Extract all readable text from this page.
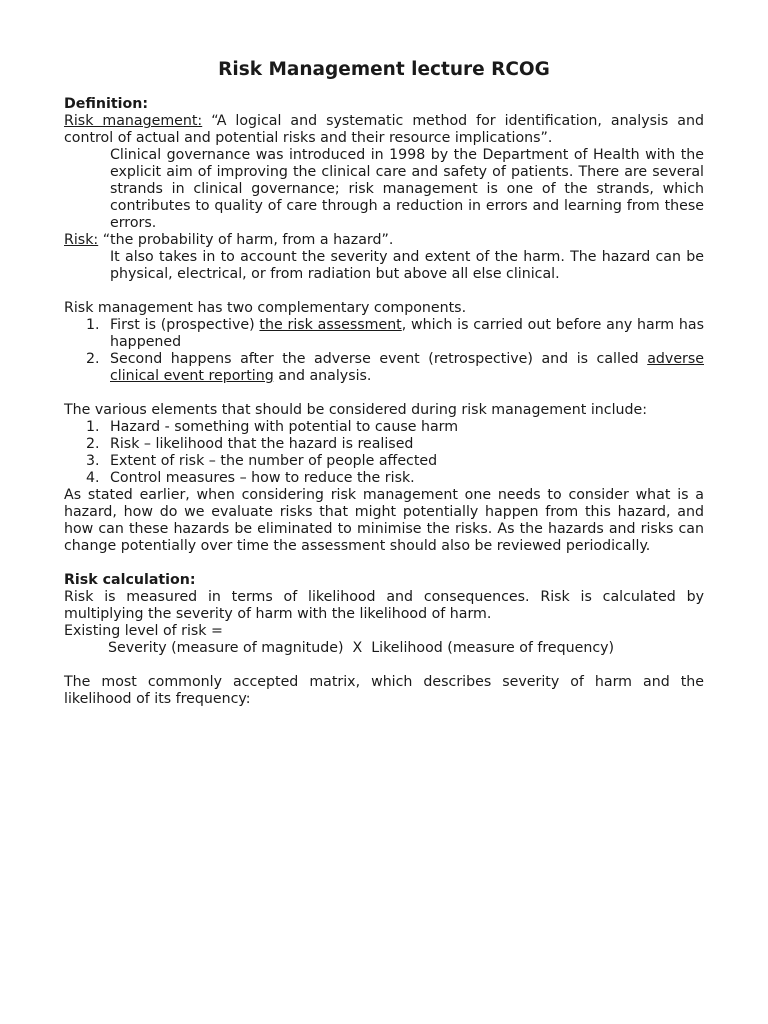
Risk Management lecture RCOG

Definition:

Risk management: “A logical and systematic method for identification, analysis and control of actual and potential risks and their resource implications”.

Clinical governance was introduced in 1998 by the Department of Health with the explicit aim of improving the clinical care and safety of patients. There are several strands in clinical governance; risk management is one of the strands, which contributes to quality of care through a reduction in errors and learning from these errors.

Risk: “the probability of harm, from a hazard”.

It also takes in to account the severity and extent of the harm. The hazard can be physical, electrical, or from radiation but above all else clinical.

Risk management has two complementary components.

1. First is (prospective) the risk assessment, which is carried out before any harm has happened
2. Second happens after the adverse event (retrospective) and is called adverse clinical event reporting and analysis.

The various elements that should be considered during risk management include:

1. Hazard - something with potential to cause harm
2. Risk – likelihood that the hazard is realised
3. Extent of risk – the number of people affected
4. Control measures – how to reduce the risk.

As stated earlier, when considering risk management one needs to consider what is a hazard, how do we evaluate risks that might potentially happen from this hazard, and how can these hazards be eliminated to minimise the risks. As the hazards and risks can change potentially over time the assessment should also be reviewed periodically.

Risk calculation:

Risk is measured in terms of likelihood and consequences. Risk is calculated by multiplying the severity of harm with the likelihood of harm.

Existing level of risk =

Severity (measure of magnitude)  X  Likelihood (measure of frequency)

The most commonly accepted matrix, which describes severity of harm and the likelihood of its frequency:
